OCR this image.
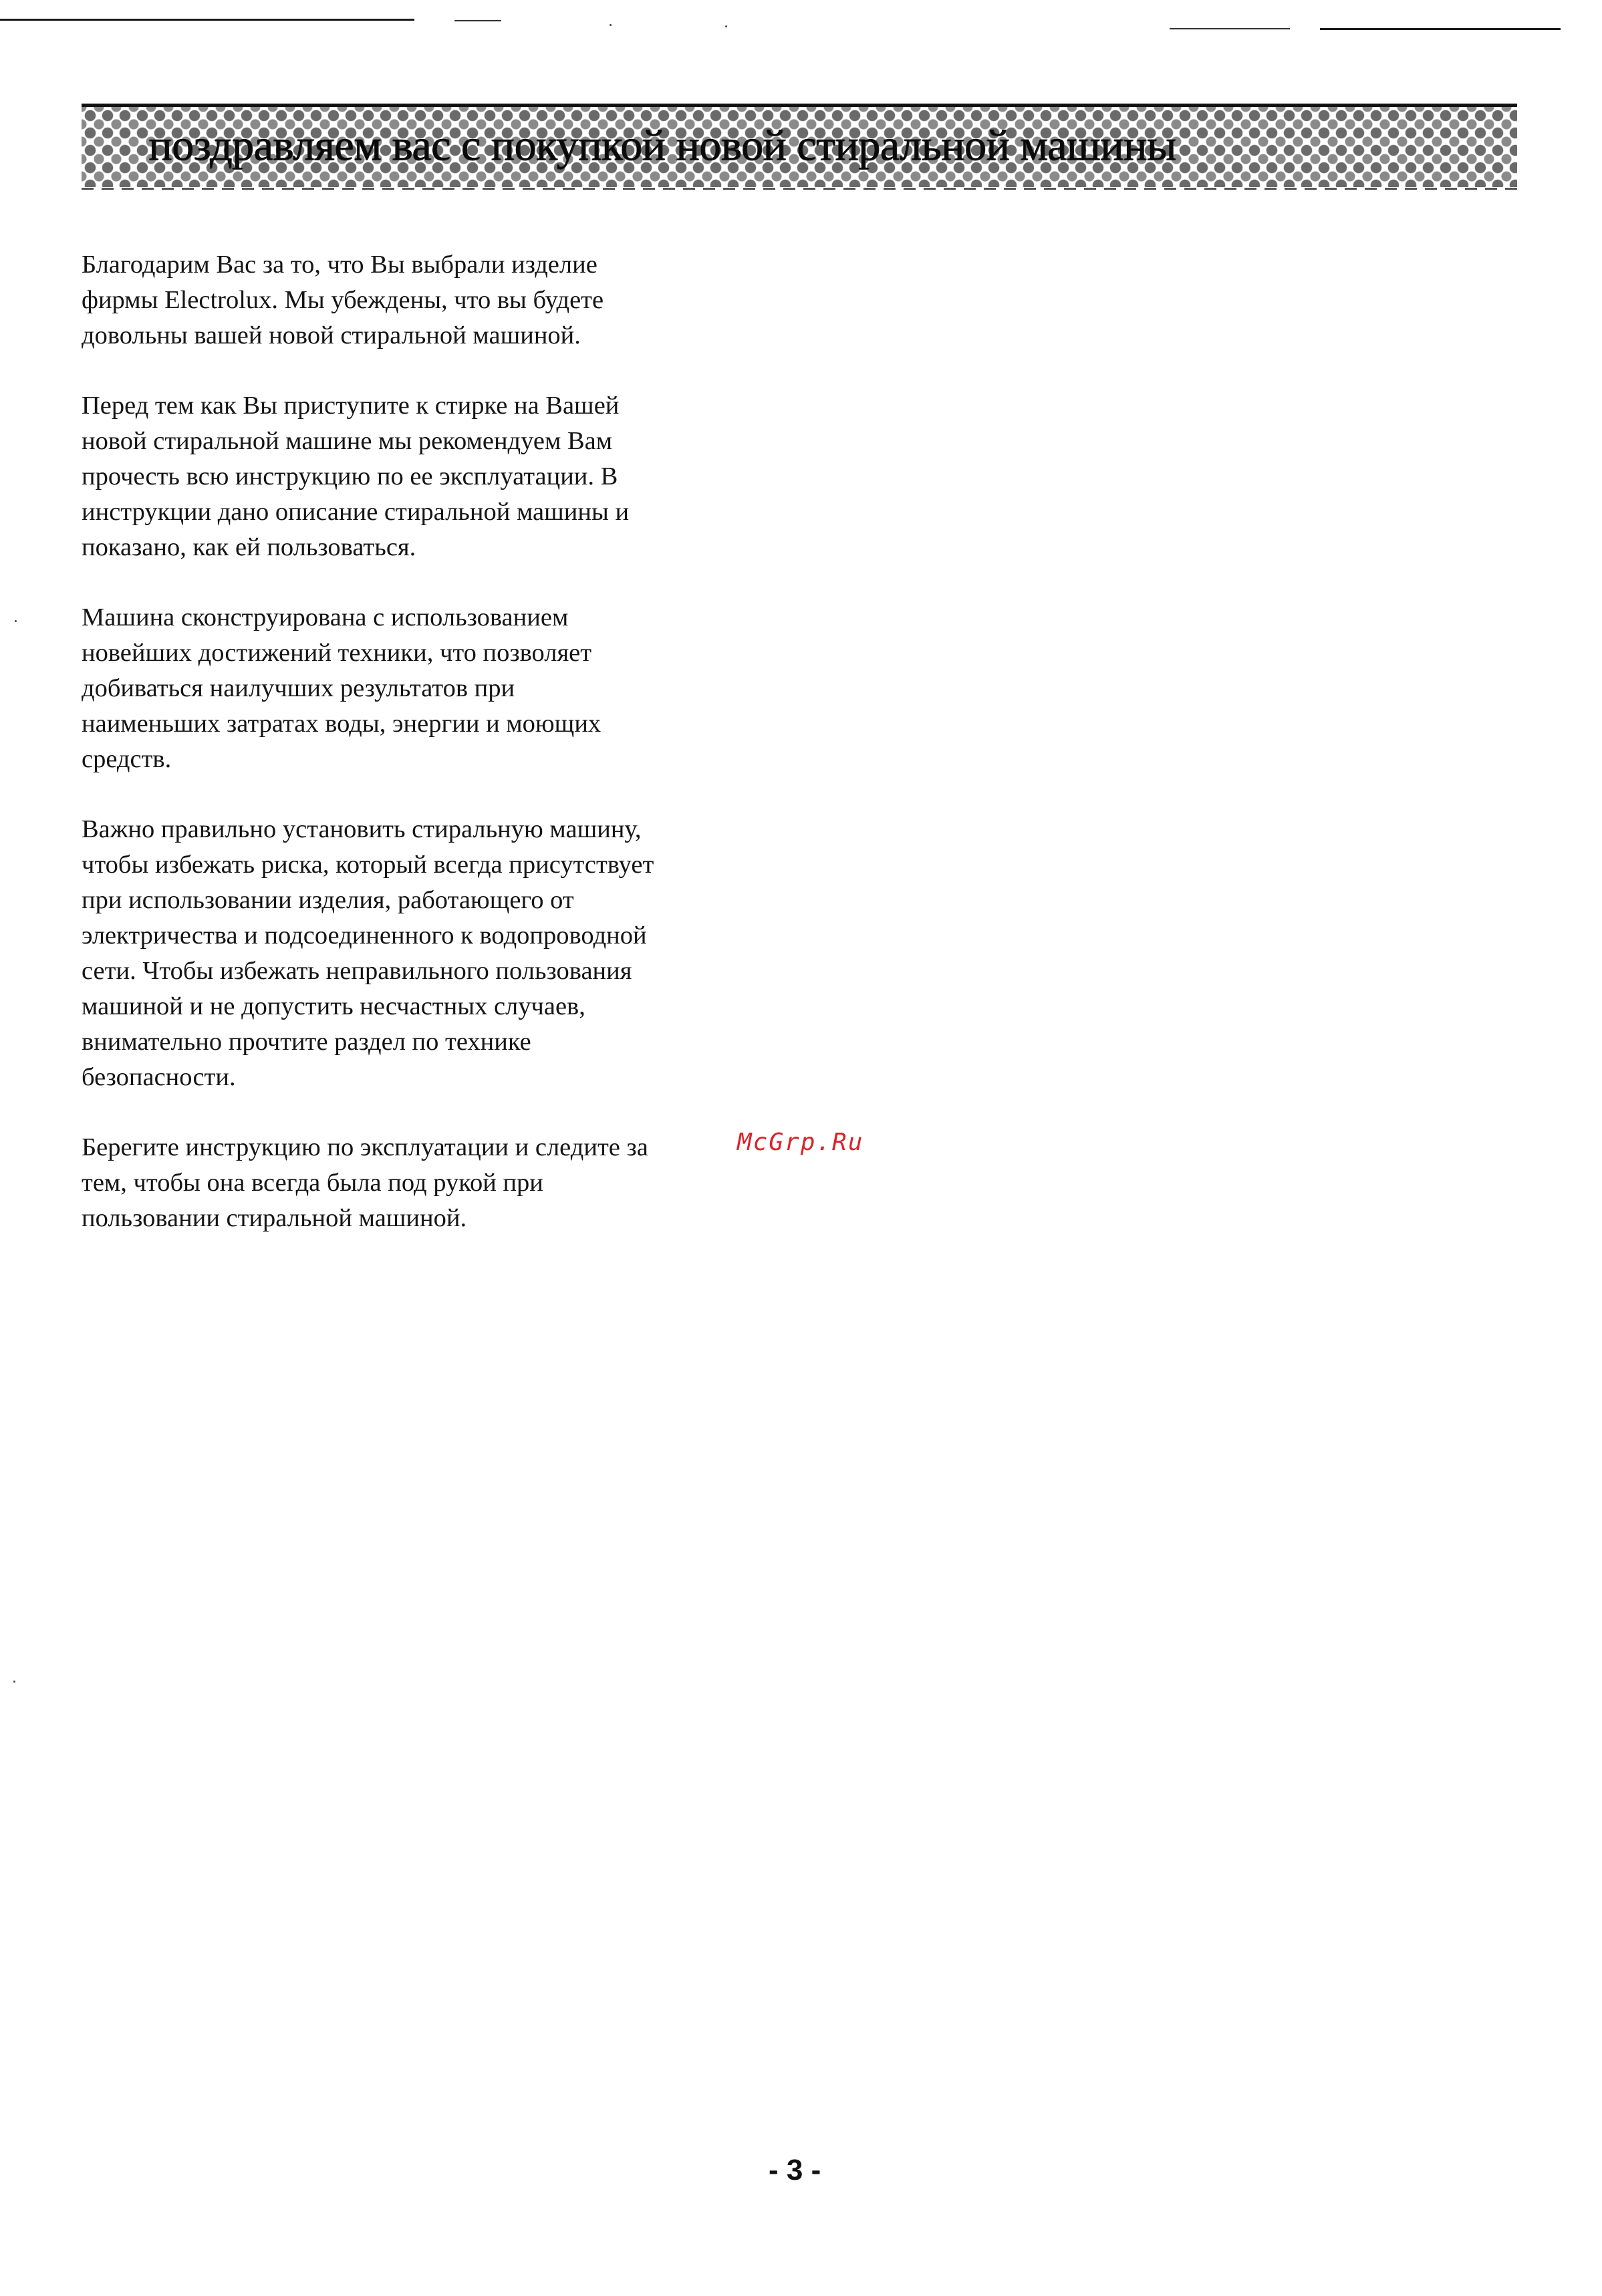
поздравляем вас с покупкой новой стиральной машины

Благодарим Вас за то, что Вы выбрали изделие
фирмы Electrolux. Мы убеждены, что вы будете
довольны вашей новой стиральной машиной.

Перед тем как Вы приступите к стирке на Вашей
новой стиральной машине мы рекомендуем Вам
прочесть всю инструкцию по ее эксплуатации. В
инструкции дано описание стиральной машины и
показано, как ей пользоваться.

Машина сконструирована с использованием
новейших достижений техники, что позволяет
добиваться наилучших результатов при
наименьших затратах воды, энергии и моющих
средств.

Важно правильно установить стиральную машину,
чтобы избежать риска, который всегда присутствует
при использовании изделия, работающего от
электричества и подсоединенного к водопроводной
сети. Чтобы избежать неправильного пользования
машиной и не допустить несчастных случаев,
внимательно прочтите раздел по технике
безопасности.

Берегите инструкцию по эксплуатации и следите за
тем, чтобы она всегда была под рукой при
пользовании стиральной машиной.

McGrp.Ru
- 3 -
